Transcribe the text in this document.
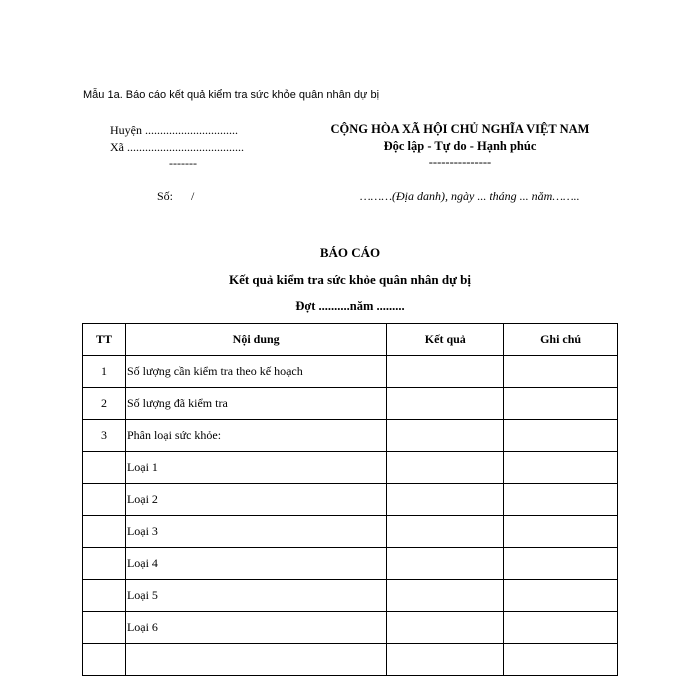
Mẫu 1a. Báo cáo kết quả kiểm tra sức khỏe quân nhân dự bị
Huyện ...............................
Xã .......................................
-------
CỘNG HÒA XÃ HỘI CHỦ NGHĨA VIỆT NAM
Độc lập - Tự do - Hạnh phúc
---------------
Số:      /	………(Địa danh), ngày ... tháng ... năm……..
BÁO CÁO
Kết quả kiểm tra sức khỏe quân nhân dự bị
Đợt ..........năm .........
TT	Nội dung	Kết quả	Ghi chú
1	Số lượng cần kiểm tra theo kế hoạch		
2	Số lượng đã kiểm tra		
3	Phân loại sức khỏe:		
	Loại 1		
	Loại 2		
	Loại 3		
	Loại 4		
	Loại 5		
	Loại 6		
